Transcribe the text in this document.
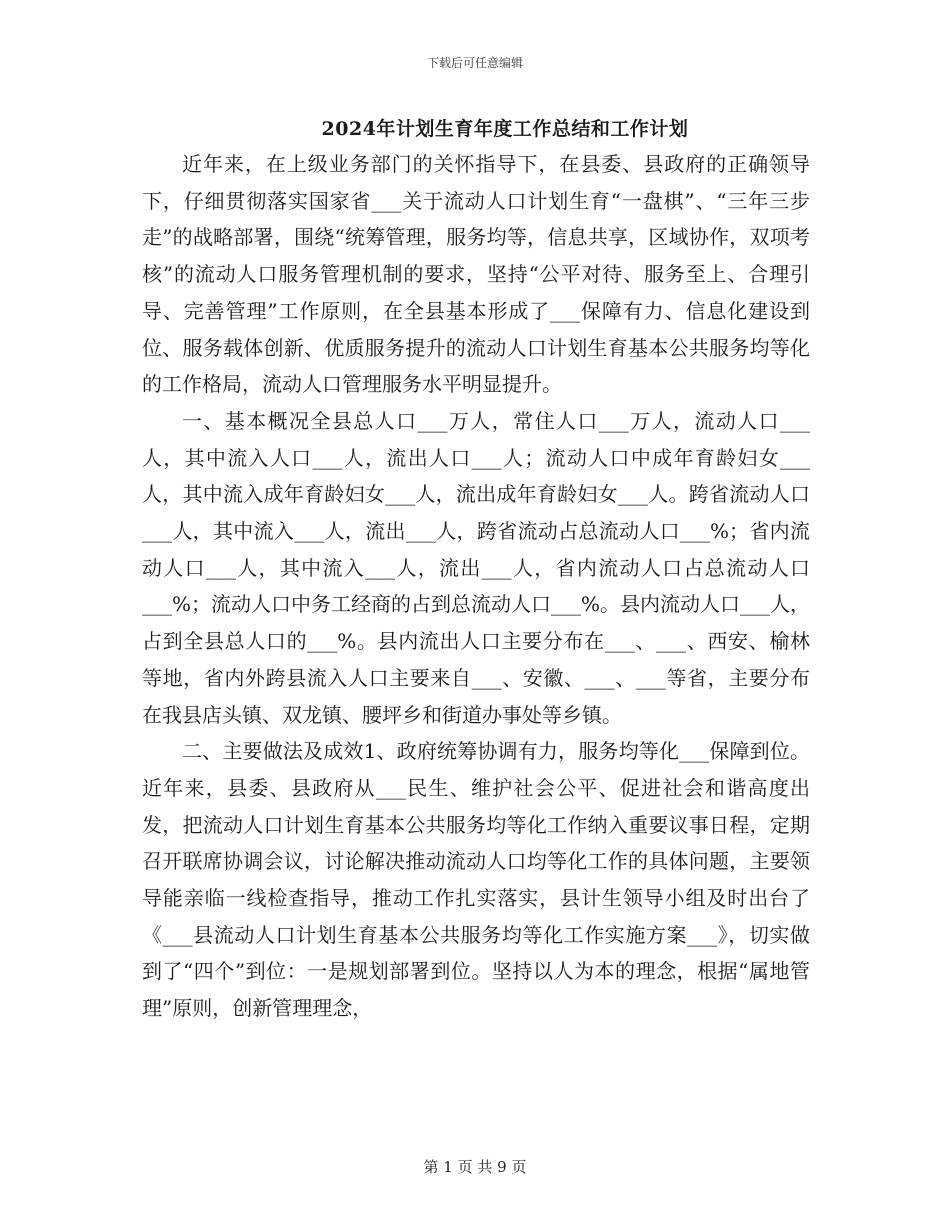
下载后可任意编辑
2024年计划生育年度工作总结和工作计划

近年来，在上级业务部门的关怀指导下，在县委、县政府的正确领导下，仔细贯彻落实国家省___关于流动人口计划生育“一盘棋”、“三年三步走”的战略部署，围绕“统筹管理，服务均等，信息共享，区域协作，双项考核”的流动人口服务管理机制的要求，坚持“公平对待、服务至上、合理引导、完善管理”工作原则，在全县基本形成了___保障有力、信息化建设到位、服务载体创新、优质服务提升的流动人口计划生育基本公共服务均等化的工作格局，流动人口管理服务水平明显提升。

一、基本概况全县总人口___万人，常住人口___万人，流动人口___人，其中流入人口___人，流出人口___人；流动人口中成年育龄妇女___人，其中流入成年育龄妇女___人，流出成年育龄妇女___人。跨省流动人口___人，其中流入___人，流出___人，跨省流动占总流动人口___%；省内流动人口___人，其中流入___人，流出___人，省内流动人口占总流动人口___%；流动人口中务工经商的占到总流动人口___%。县内流动人口___人，占到全县总人口的___%。县内流出人口主要分布在___、___、西安、榆林等地，省内外跨县流入人口主要来自___、安徽、___、___等省，主要分布在我县店头镇、双龙镇、腰坪乡和街道办事处等乡镇。

二、主要做法及成效1、政府统筹协调有力，服务均等化___保障到位。近年来，县委、县政府从___民生、维护社会公平、促进社会和谐高度出发，把流动人口计划生育基本公共服务均等化工作纳入重要议事日程，定期召开联席协调会议，讨论解决推动流动人口均等化工作的具体问题，主要领导能亲临一线检查指导，推动工作扎实落实，县计生领导小组及时出台了《___县流动人口计划生育基本公共服务均等化工作实施方案___》，切实做到了“四个”到位：一是规划部署到位。坚持以人为本的理念，根据“属地管理”原则，创新管理理念，

第 1 页 共 9 页
